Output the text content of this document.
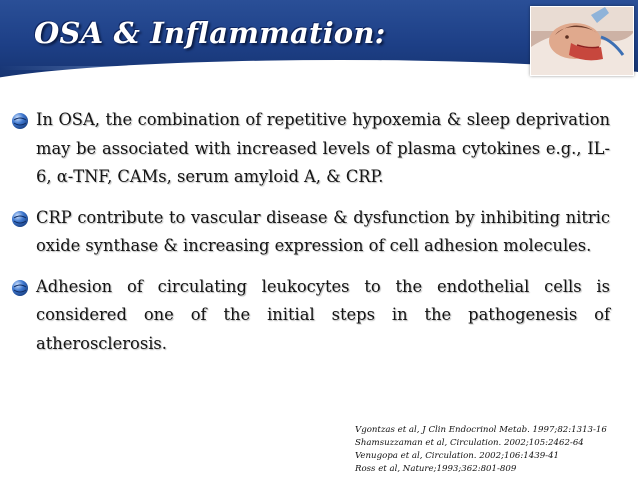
OSA & Inflammation:
In OSA, the combination of repetitive hypoxemia & sleep deprivation may be associated with increased levels of plasma cytokines e.g., IL-6, α-TNF, CAMs, serum amyloid A, & CRP.
CRP contribute to vascular disease & dysfunction by inhibiting nitric oxide synthase & increasing expression of cell adhesion molecules.
Adhesion of circulating leukocytes to the endothelial cells is considered one of the initial steps in the pathogenesis of atherosclerosis.
Vgontzas et al, J Clin Endocrinol Metab. 1997;82:1313-16
Shamsuzzaman et al, Circulation. 2002;105:2462-64
Venugopa et al, Circulation. 2002;106:1439-41
Ross et al, Nature;1993;362:801-809
